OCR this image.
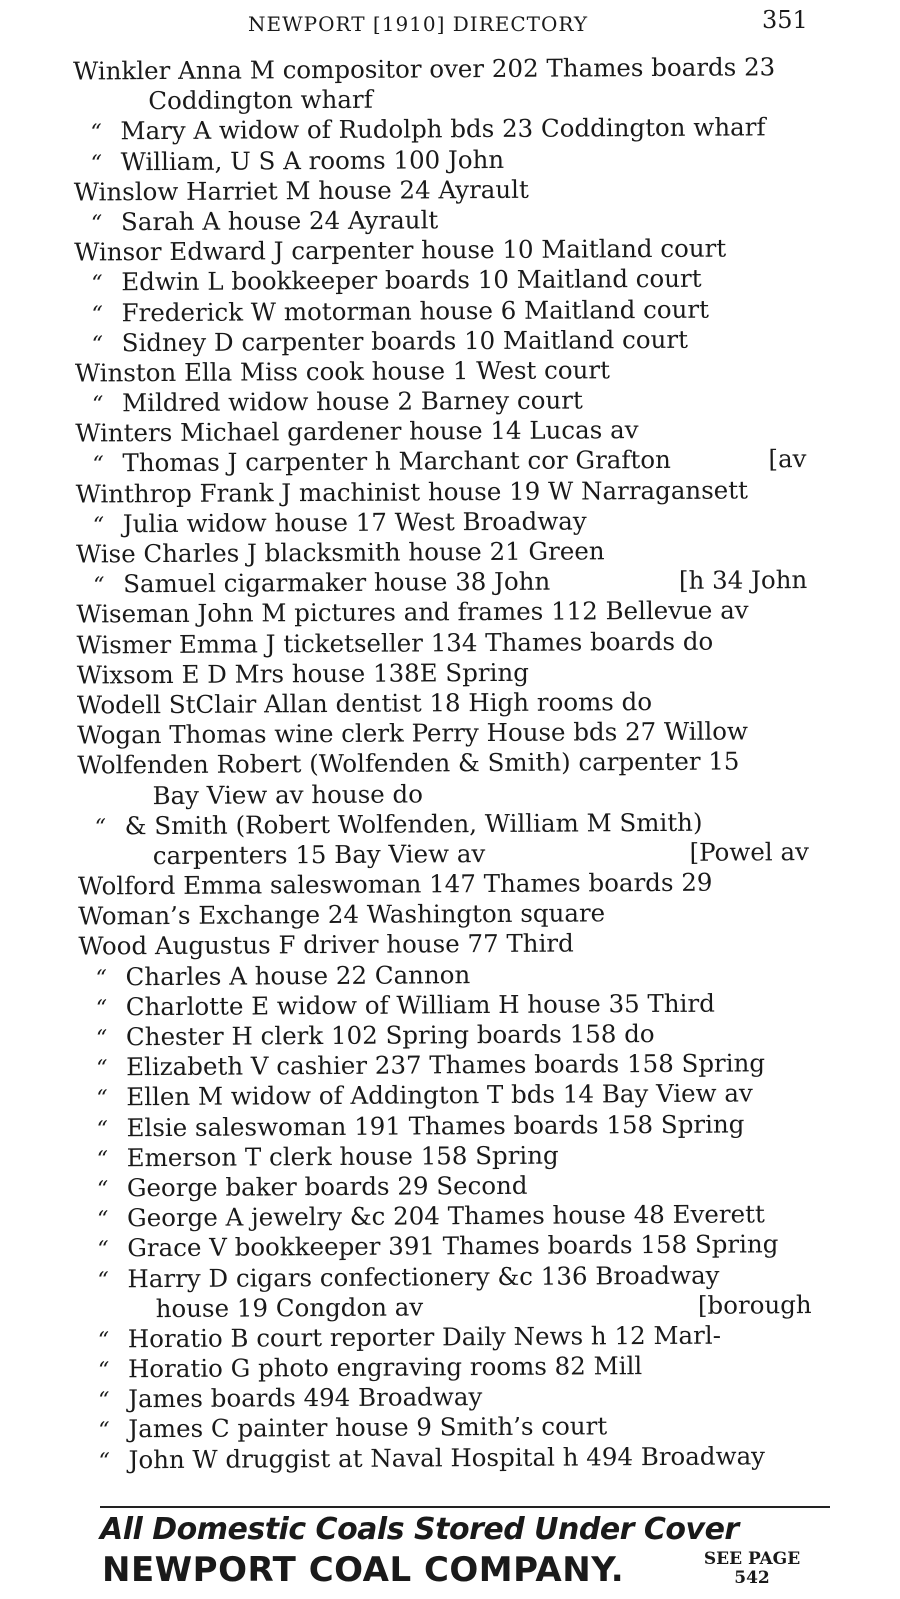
NEWPORT [1910] DIRECTORY	351
Winkler Anna M compositor over 202 Thames boards 23
Coddington wharf
“ Mary A widow of Rudolph bds 23 Coddington wharf
“ William, U S A rooms 100 John
Winslow Harriet M house 24 Ayrault
“ Sarah A house 24 Ayrault
Winsor Edward J carpenter house 10 Maitland court
“ Edwin L bookkeeper boards 10 Maitland court
“ Frederick W motorman house 6 Maitland court
“ Sidney D carpenter boards 10 Maitland court
Winston Ella Miss cook house 1 West court
“ Mildred widow house 2 Barney court
Winters Michael gardener house 14 Lucas av
“ Thomas J carpenter h Marchant cor Grafton	[av
Winthrop Frank J machinist house 19 W Narragansett
“ Julia widow house 17 West Broadway
Wise Charles J blacksmith house 21 Green
“ Samuel cigarmaker house 38 John	[h 34 John
Wiseman John M pictures and frames 112 Bellevue av
Wismer Emma J ticketseller 134 Thames boards do
Wixsom E D Mrs house 138E Spring
Wodell StClair Allan dentist 18 High rooms do
Wogan Thomas wine clerk Perry House bds 27 Willow
Wolfenden Robert (Wolfenden & Smith) carpenter 15
Bay View av house do
“ & Smith (Robert Wolfenden, William M Smith)
carpenters 15 Bay View av	[Powel av
Wolford Emma saleswoman 147 Thames boards 29
Woman’s Exchange 24 Washington square
Wood Augustus F driver house 77 Third
“ Charles A house 22 Cannon
“ Charlotte E widow of William H house 35 Third
“ Chester H clerk 102 Spring boards 158 do
“ Elizabeth V cashier 237 Thames boards 158 Spring
“ Ellen M widow of Addington T bds 14 Bay View av
“ Elsie saleswoman 191 Thames boards 158 Spring
“ Emerson T clerk house 158 Spring
“ George baker boards 29 Second
“ George A jewelry &c 204 Thames house 48 Everett
“ Grace V bookkeeper 391 Thames boards 158 Spring
“ Harry D cigars confectionery &c 136 Broadway
house 19 Congdon av	[borough
“ Horatio B court reporter Daily News h 12 Marl-
“ Horatio G photo engraving rooms 82 Mill
“ James boards 494 Broadway
“ James C painter house 9 Smith’s court
“ John W druggist at Naval Hospital h 494 Broadway
All Domestic Coals Stored Under Cover
NEWPORT COAL COMPANY.	SEE PAGE
542
